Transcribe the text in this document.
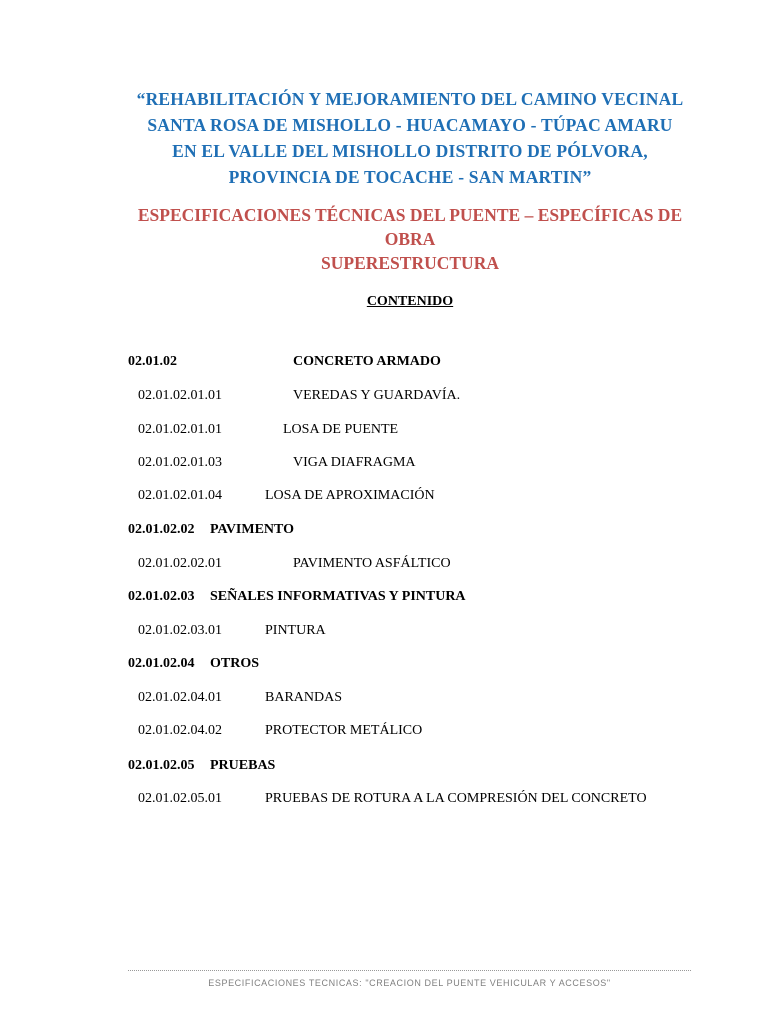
“REHABILITACIÓN Y MEJORAMIENTO DEL CAMINO VECINAL
SANTA ROSA DE MISHOLLO - HUACAMAYO - TÚPAC AMARU
EN EL VALLE DEL MISHOLLO DISTRITO DE PÓLVORA,
PROVINCIA DE TOCACHE - SAN MARTIN”
ESPECIFICACIONES TÉCNICAS DEL PUENTE – ESPECÍFICAS DE
OBRA
SUPERESTRUCTURA
CONTENIDO
02.01.02	CONCRETO ARMADO
02.01.02.01.01	VEREDAS Y GUARDAVÍA.
02.01.02.01.01	LOSA DE PUENTE
02.01.02.01.03	VIGA DIAFRAGMA
02.01.02.01.04	LOSA DE APROXIMACIÓN
02.01.02.02 PAVIMENTO
02.01.02.02.01	PAVIMENTO ASFÁLTICO
02.01.02.03 SEÑALES INFORMATIVAS Y PINTURA
02.01.02.03.01	PINTURA
02.01.02.04 OTROS
02.01.02.04.01	BARANDAS
02.01.02.04.02	PROTECTOR METÁLICO
02.01.02.05 PRUEBAS
02.01.02.05.01	PRUEBAS DE ROTURA A LA COMPRESIÓN DEL CONCRETO
ESPECIFICACIONES TECNICAS: "CREACION DEL PUENTE VEHICULAR Y ACCESOS"
